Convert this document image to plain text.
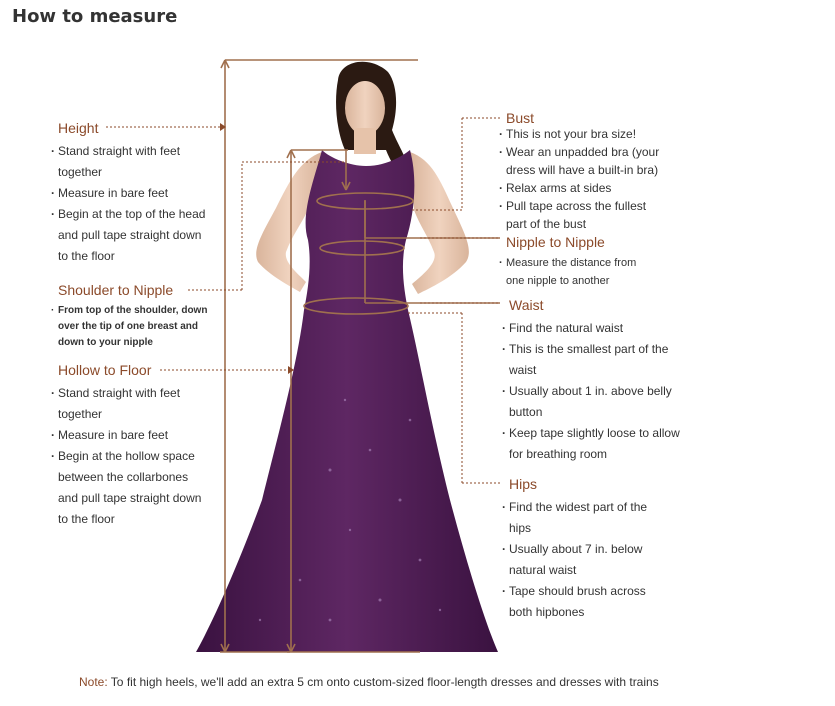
How to measure
Height
· Stand straight with feet
together
· Measure in bare feet
· Begin at the top of the head
and pull tape straight down
to the floor
Shoulder to Nipple
· From top of the shoulder, down
over the tip of one breast and
down to your nipple
Hollow to Floor
· Stand straight with feet
together
· Measure in bare feet
· Begin at the hollow space
between the collarbones
and pull tape straight down
to the floor
Bust
· This is not your bra size!
· Wear an unpadded bra (your
dress will have a built-in bra)
· Relax arms at sides
· Pull tape across the fullest
part of the bust
Nipple to Nipple
· Measure the distance from
one nipple to another
Waist
· Find the natural waist
· This is the smallest part of the
waist
· Usually about 1 in. above belly
button
· Keep tape slightly loose to allow
for breathing room
Hips
· Find the widest part of the
hips
· Usually about 7 in. below
natural waist
· Tape should brush across
both hipbones
Note: To fit high heels, we'll add an extra 5 cm onto custom-sized floor-length dresses and dresses with trains
